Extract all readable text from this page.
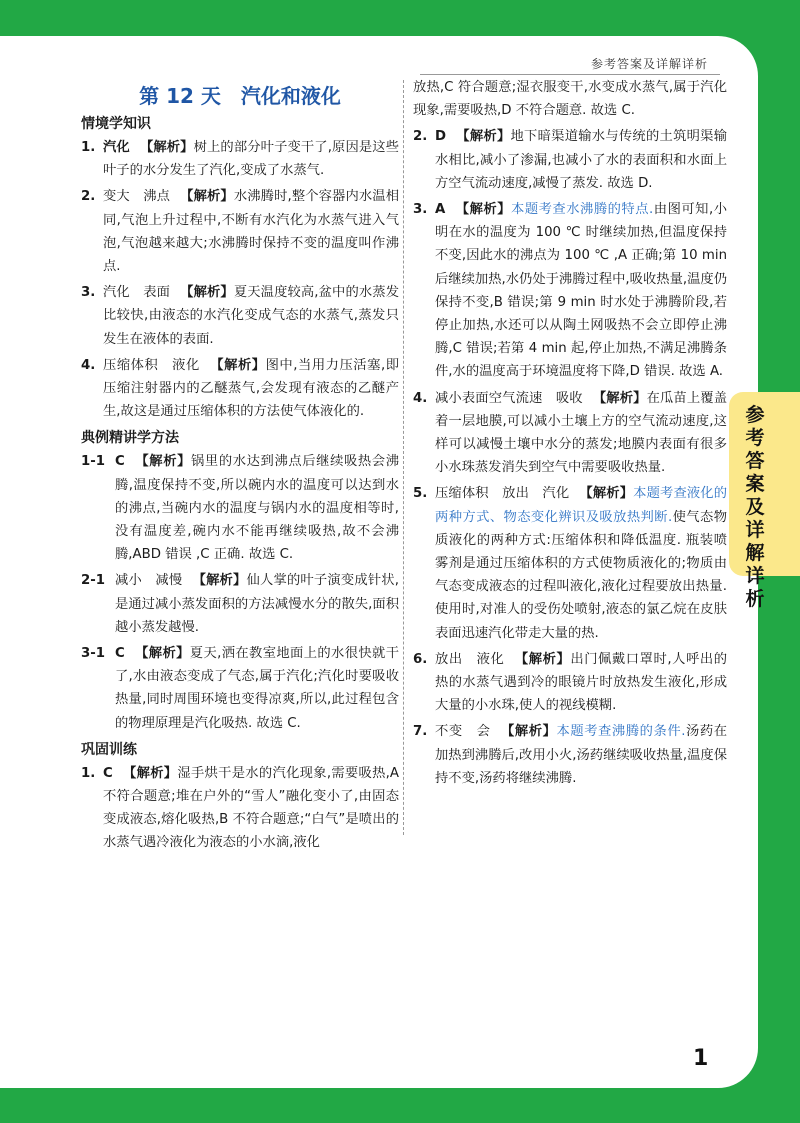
参考答案及详解详析
参考答案及详解详析
1
第 12 天　汽化和液化
情境学知识
1. 汽化 【解析】树上的部分叶子变干了,原因是这些叶子的水分发生了汽化,变成了水蒸气.
2. 变大　沸点 【解析】水沸腾时,整个容器内水温相同,气泡上升过程中,不断有水汽化为水蒸气进入气泡,气泡越来越大;水沸腾时保持不变的温度叫作沸点.
3. 汽化　表面 【解析】夏天温度较高,盆中的水蒸发比较快,由液态的水汽化变成气态的水蒸气,蒸发只发生在液体的表面.
4. 压缩体积　液化 【解析】图中,当用力压活塞,即压缩注射器内的乙醚蒸气,会发现有液态的乙醚产生,故这是通过压缩体积的方法使气体液化的.
典例精讲学方法
1-1 C 【解析】锅里的水达到沸点后继续吸热会沸腾,温度保持不变,所以碗内水的温度可以达到水的沸点,当碗内水的温度与锅内水的温度相等时,没有温度差,碗内水不能再继续吸热,故不会沸腾,ABD 错误 ,C 正确. 故选 C.
2-1 减小　减慢 【解析】仙人掌的叶子演变成针状,是通过减小蒸发面积的方法减慢水分的散失,面积越小蒸发越慢.
3-1 C 【解析】夏天,洒在教室地面上的水很快就干了,水由液态变成了气态,属于汽化;汽化时要吸收热量,同时周围环境也变得凉爽,所以,此过程包含的物理原理是汽化吸热. 故选 C.
巩固训练
1. C 【解析】湿手烘干是水的汽化现象,需要吸热,A 不符合题意;堆在户外的“雪人”融化变小了,由固态变成液态,熔化吸热,B 不符合题意;“白气”是喷出的水蒸气遇冷液化为液态的小水滴,液化
放热,C 符合题意;湿衣服变干,水变成水蒸气,属于汽化现象,需要吸热,D 不符合题意. 故选 C.
2. D 【解析】地下暗渠道输水与传统的土筑明渠输水相比,减小了渗漏,也减小了水的表面积和水面上方空气流动速度,减慢了蒸发. 故选 D.
3. A 【解析】本题考查水沸腾的特点.由图可知,小明在水的温度为 100 ℃ 时继续加热,但温度保持不变,因此水的沸点为 100 ℃ ,A 正确;第 10 min 后继续加热,水仍处于沸腾过程中,吸收热量,温度仍保持不变,B 错误;第 9 min 时水处于沸腾阶段,若停止加热,水还可以从陶土网吸热不会立即停止沸腾,C 错误;若第 4 min 起,停止加热,不满足沸腾条件,水的温度高于环境温度将下降,D 错误. 故选 A.
4. 减小表面空气流速　吸收 【解析】在瓜苗上覆盖着一层地膜,可以减小土壤上方的空气流动速度,这样可以减慢土壤中水分的蒸发;地膜内表面有很多小水珠蒸发消失到空气中需要吸收热量.
5. 压缩体积　放出　汽化 【解析】本题考查液化的两种方式、物态变化辨识及吸放热判断.使气态物质液化的两种方式:压缩体积和降低温度. 瓶装喷雾剂是通过压缩体积的方式使物质液化的;物质由气态变成液态的过程叫液化,液化过程要放出热量. 使用时,对准人的受伤处喷射,液态的氯乙烷在皮肤表面迅速汽化带走大量的热.
6. 放出　液化 【解析】出门佩戴口罩时,人呼出的热的水蒸气遇到冷的眼镜片时放热发生液化,形成大量的小水珠,使人的视线模糊.
7. 不变　会 【解析】本题考查沸腾的条件.汤药在加热到沸腾后,改用小火,汤药继续吸收热量,温度保持不变,汤药将继续沸腾.
